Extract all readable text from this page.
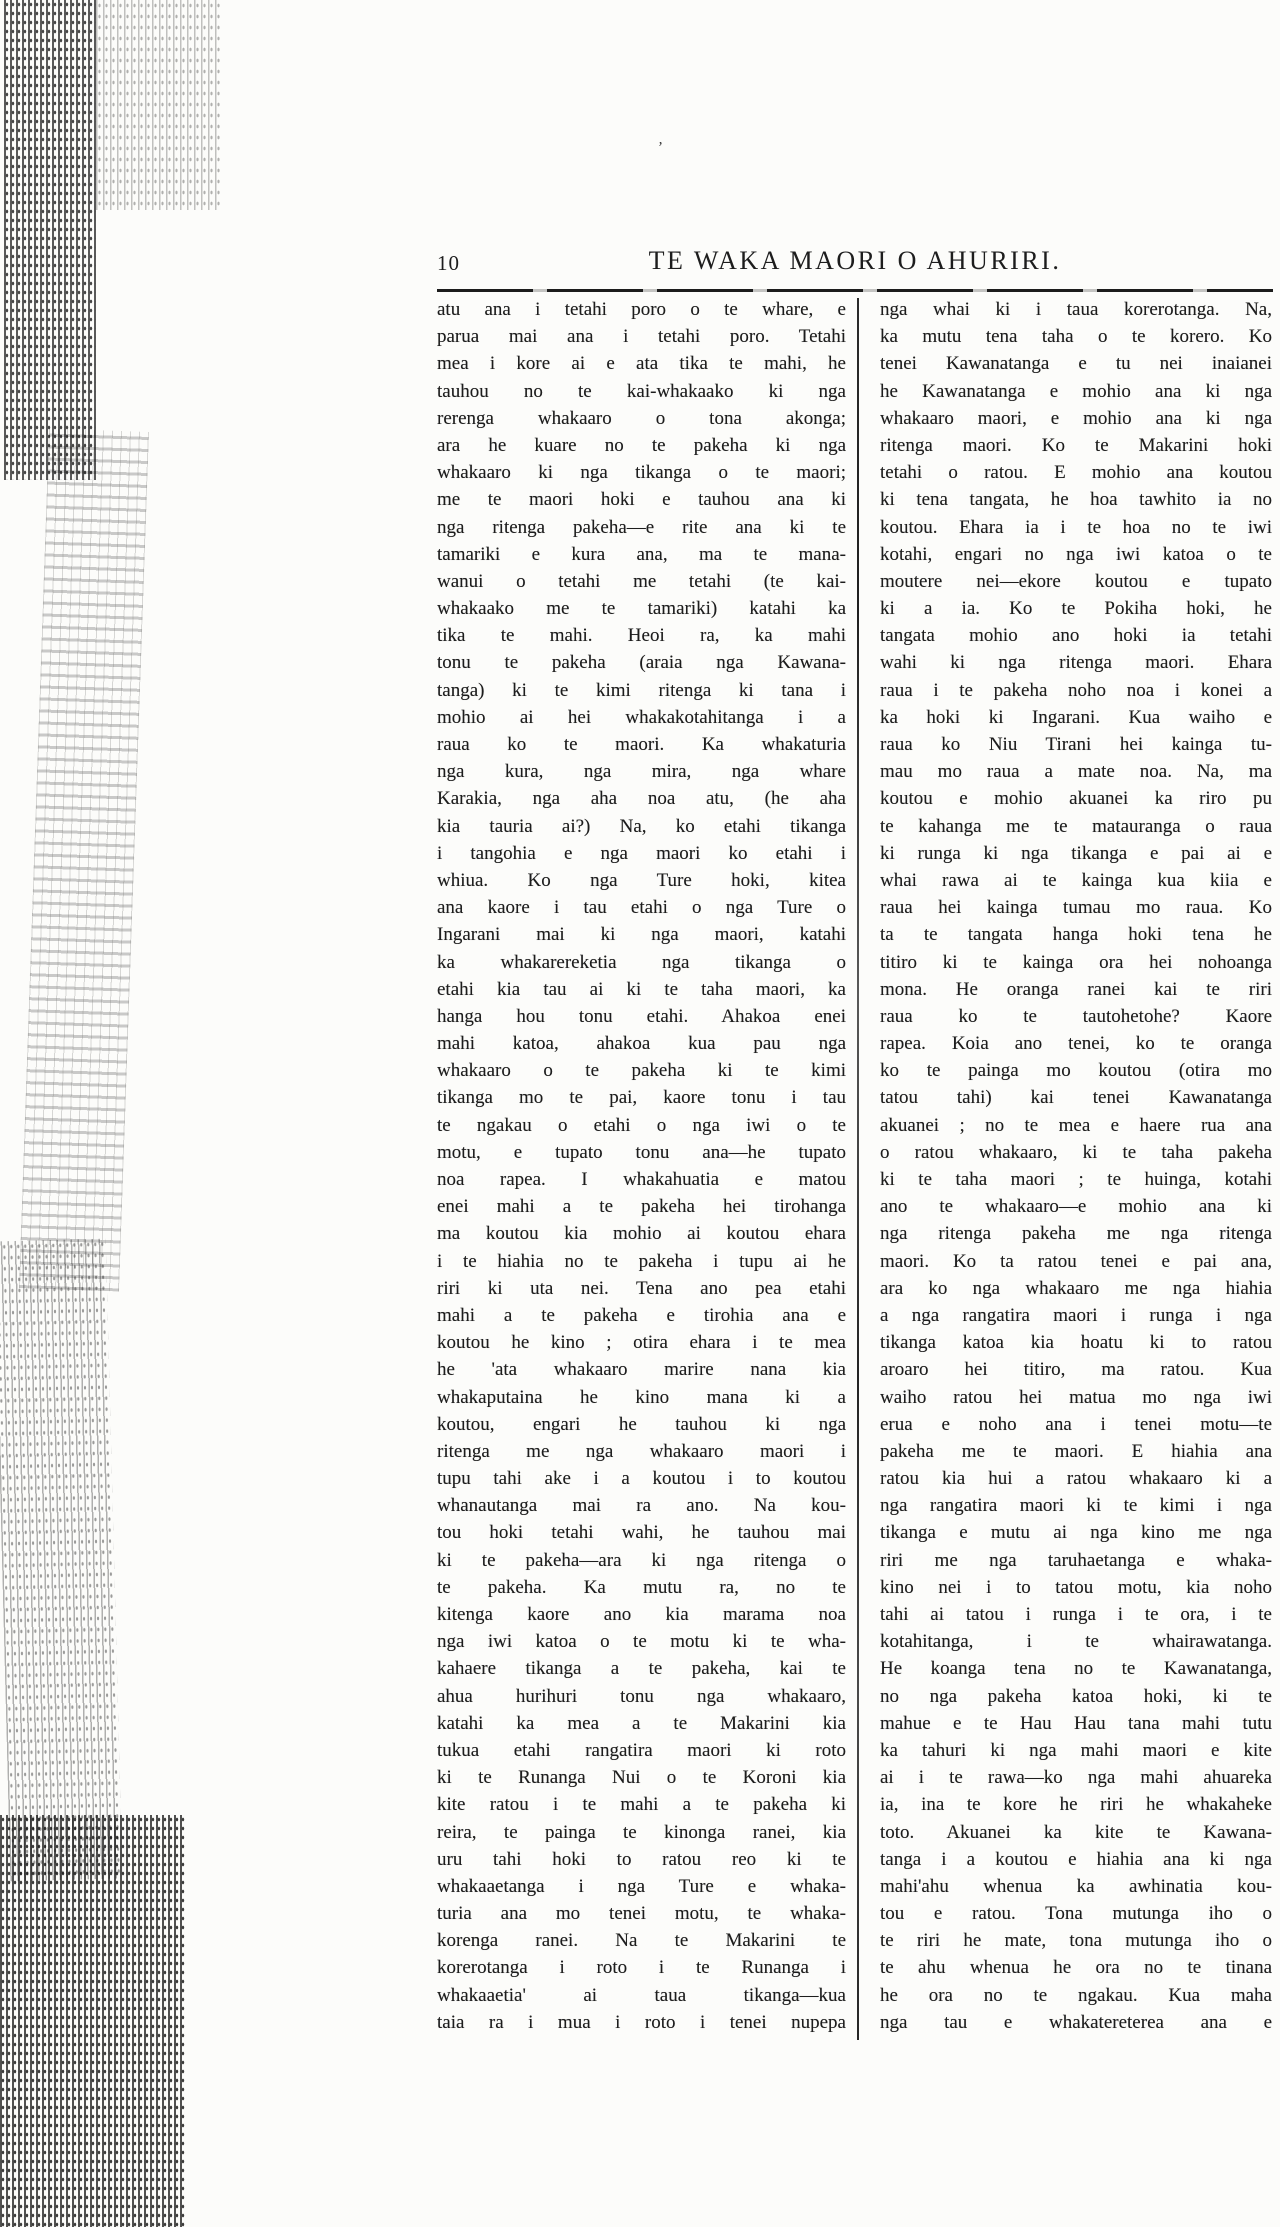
ʼ
10	TE WAKA MAORI O AHURIRI.
atu ana i tetahi poro o te whare, e
parua mai ana i tetahi poro. Tetahi
mea i kore ai e ata tika te mahi, he
tauhou no te kai-whakaako ki nga
rerenga whakaaro o tona akonga;
ara he kuare no te pakeha ki nga
whakaaro ki nga tikanga o te maori;
me te maori hoki e tauhou ana ki
nga ritenga pakeha—e rite ana ki te
tamariki e kura ana, ma te mana-
wanui o tetahi me tetahi (te kai-
whakaako me te tamariki) katahi ka
tika te mahi. Heoi ra, ka mahi
tonu te pakeha (araia nga Kawana-
tanga) ki te kimi ritenga ki tana i
mohio ai hei whakakotahitanga i a
raua ko te maori. Ka whakaturia
nga kura, nga mira, nga whare
Karakia, nga aha noa atu, (he aha
kia tauria ai?) Na, ko etahi tikanga
i tangohia e nga maori ko etahi i
whiua. Ko nga Ture hoki, kitea
ana kaore i tau etahi o nga Ture o
Ingarani mai ki nga maori, katahi
ka whakarereketia nga tikanga o
etahi kia tau ai ki te taha maori, ka
hanga hou tonu etahi. Ahakoa enei
mahi katoa, ahakoa kua pau nga
whakaaro o te pakeha ki te kimi
tikanga mo te pai, kaore tonu i tau
te ngakau o etahi o nga iwi o te
motu, e tupato tonu ana—he tupato
noa rapea. I whakahuatia e matou
enei mahi a te pakeha hei tirohanga
ma koutou kia mohio ai koutou ehara
i te hiahia no te pakeha i tupu ai he
riri ki uta nei. Tena ano pea etahi
mahi a te pakeha e tirohia ana e
koutou he kino ; otira ehara i te mea
he 'ata whakaaro marire nana kia
whakaputaina he kino mana ki a
koutou, engari he tauhou ki nga
ritenga me nga whakaaro maori i
tupu tahi ake i a koutou i to koutou
whanautanga mai ra ano. Na kou-
tou hoki tetahi wahi, he tauhou mai
ki te pakeha—ara ki nga ritenga o
te pakeha. Ka mutu ra, no te
kitenga kaore ano kia marama noa
nga iwi katoa o te motu ki te wha-
kahaere tikanga a te pakeha, kai te
ahua hurihuri tonu nga whakaaro,
katahi ka mea a te Makarini kia
tukua etahi rangatira maori ki roto
ki te Runanga Nui o te Koroni kia
kite ratou i te mahi a te pakeha ki
reira, te painga te kinonga ranei, kia
uru tahi hoki to ratou reo ki te
whakaaetanga i nga Ture e whaka-
turia ana mo tenei motu, te whaka-
korenga ranei. Na te Makarini te
korerotanga i roto i te Runanga i
whakaaetia' ai taua tikanga—kua
taia ra i mua i roto i tenei nupepa
nga whai ki i taua korerotanga. Na,
ka mutu tena taha o te korero. Ko
tenei Kawanatanga e tu nei inaianei
he Kawanatanga e mohio ana ki nga
whakaaro maori, e mohio ana ki nga
ritenga maori. Ko te Makarini hoki
tetahi o ratou. E mohio ana koutou
ki tena tangata, he hoa tawhito ia no
koutou. Ehara ia i te hoa no te iwi
kotahi, engari no nga iwi katoa o te
moutere nei—ekore koutou e tupato
ki a ia. Ko te Pokiha hoki, he
tangata mohio ano hoki ia tetahi
wahi ki nga ritenga maori. Ehara
raua i te pakeha noho noa i konei a
ka hoki ki Ingarani. Kua waiho e
raua ko Niu Tirani hei kainga tu-
mau mo raua a mate noa. Na, ma
koutou e mohio akuanei ka riro pu
te kahanga me te matauranga o raua
ki runga ki nga tikanga e pai ai e
whai rawa ai te kainga kua kiia e
raua hei kainga tumau mo raua. Ko
ta te tangata hanga hoki tena he
titiro ki te kainga ora hei nohoanga
mona. He oranga ranei kai te riri
raua ko te tautohetohe? Kaore
rapea. Koia ano tenei, ko te oranga
ko te painga mo koutou (otira mo
tatou tahi) kai tenei Kawanatanga
akuanei ; no te mea e haere rua ana
o ratou whakaaro, ki te taha pakeha
ki te taha maori ; te huinga, kotahi
ano te whakaaro—e mohio ana ki
nga ritenga pakeha me nga ritenga
maori. Ko ta ratou tenei e pai ana,
ara ko nga whakaaro me nga hiahia
a nga rangatira maori i runga i nga
tikanga katoa kia hoatu ki to ratou
aroaro hei titiro, ma ratou. Kua
waiho ratou hei matua mo nga iwi
erua e noho ana i tenei motu—te
pakeha me te maori. E hiahia ana
ratou kia hui a ratou whakaaro ki a
nga rangatira maori ki te kimi i nga
tikanga e mutu ai nga kino me nga
riri me nga taruhaetanga e whaka-
kino nei i to tatou motu, kia noho
tahi ai tatou i runga i te ora, i te
kotahitanga, i te whairawatanga.
He koanga tena no te Kawanatanga,
no nga pakeha katoa hoki, ki te
mahue e te Hau Hau tana mahi tutu
ka tahuri ki nga mahi maori e kite
ai i te rawa—ko nga mahi ahuareka
ia, ina te kore he riri he whakaheke
toto. Akuanei ka kite te Kawana-
tanga i a koutou e hiahia ana ki nga
mahi'ahu whenua ka awhinatia kou-
tou e ratou. Tona mutunga iho o
te riri he mate, tona mutunga iho o
te ahu whenua he ora no te tinana
he ora no te ngakau. Kua maha
nga tau e whakatereterea ana e
